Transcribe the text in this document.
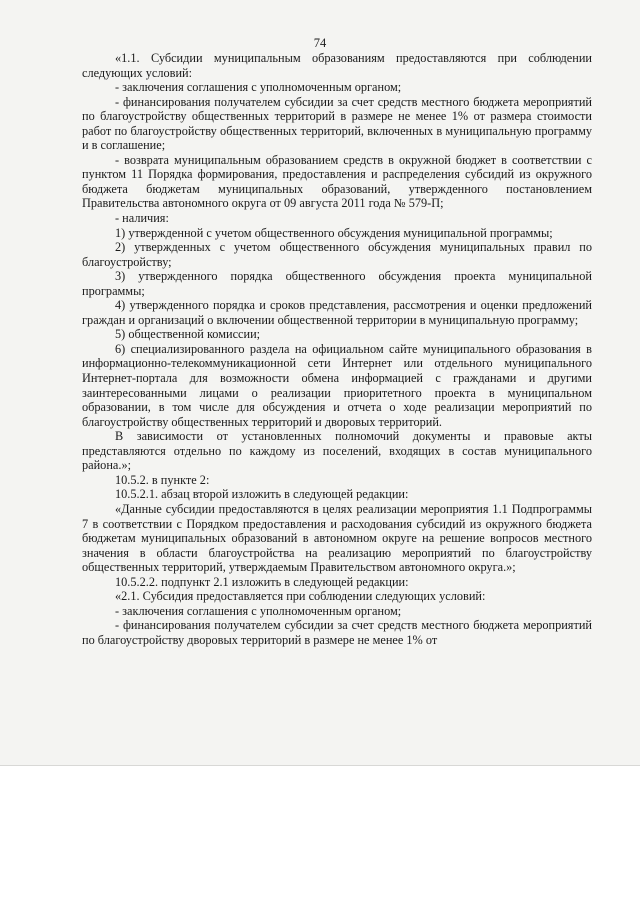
74

«1.1. Субсидии муниципальным образованиям предоставляются при соблюдении следующих условий:

- заключения соглашения с уполномоченным органом;

- финансирования получателем субсидии за счет средств местного бюджета мероприятий по благоустройству общественных территорий в размере не менее 1% от размера стоимости работ по благоустройству общественных территорий, включенных в муниципальную программу и в соглашение;

- возврата муниципальным образованием средств в окружной бюджет в соответствии с пунктом 11 Порядка формирования, предоставления и распределения субсидий из окружного бюджета бюджетам муниципальных образований, утвержденного постановлением Правительства автономного округа от 09 августа 2011 года № 579-П;

- наличия:

1) утвержденной с учетом общественного обсуждения муниципальной программы;

2) утвержденных с учетом общественного обсуждения муниципальных правил по благоустройству;

3) утвержденного порядка общественного обсуждения проекта муниципальной программы;

4) утвержденного порядка и сроков представления, рассмотрения и оценки предложений граждан и организаций о включении общественной территории в муниципальную программу;

5) общественной комиссии;

6) специализированного раздела на официальном сайте муниципального образования в информационно-телекоммуникационной сети Интернет или отдельного муниципального Интернет-портала для возможности обмена информацией с гражданами и другими заинтересованными лицами о реализации приоритетного проекта в муниципальном образовании, в том числе для обсуждения и отчета о ходе реализации мероприятий по благоустройству общественных территорий и дворовых территорий.

В зависимости от установленных полномочий документы и правовые акты представляются отдельно по каждому из поселений, входящих в состав муниципального района.»;

10.5.2. в пункте 2:

10.5.2.1. абзац второй изложить в следующей редакции:

«Данные субсидии предоставляются в целях реализации мероприятия 1.1 Подпрограммы 7 в соответствии с Порядком предоставления и расходования субсидий из окружного бюджета бюджетам муниципальных образований в автономном округе на решение вопросов местного значения в области благоустройства на реализацию мероприятий по благоустройству общественных территорий, утверждаемым Правительством автономного округа.»;

10.5.2.2. подпункт 2.1 изложить в следующей редакции:

«2.1. Субсидия предоставляется при соблюдении следующих условий:

- заключения соглашения с уполномоченным органом;

- финансирования получателем субсидии за счет средств местного бюджета мероприятий по благоустройству дворовых территорий в размере не менее 1% от
